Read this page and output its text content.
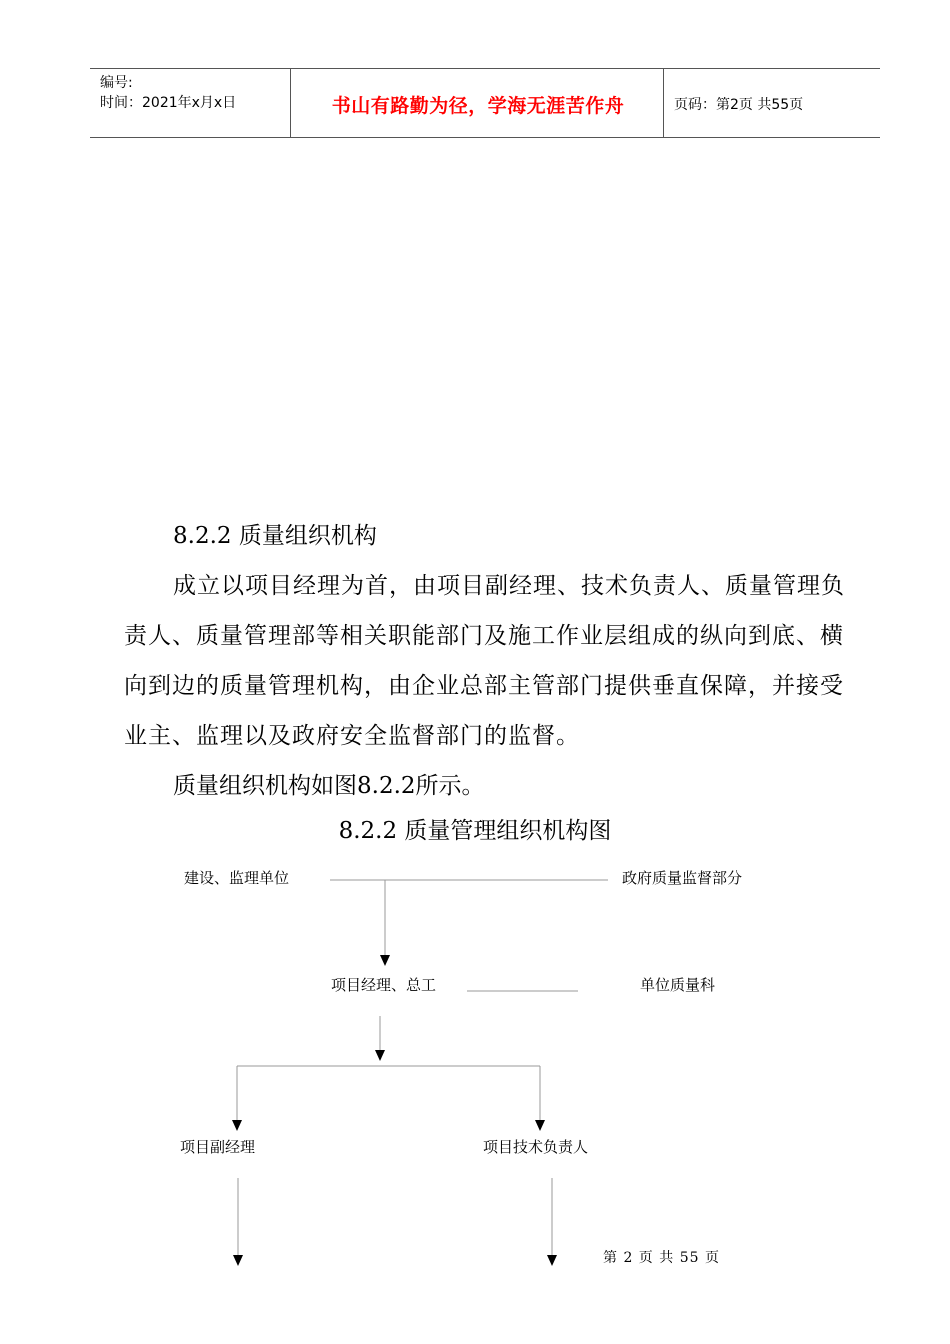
编号:
时间：2021年x月x日	书山有路勤为径，学海无涯苦作舟	页码：第2页 共55页
8.2.2 质量组织机构
成立以项目经理为首，由项目副经理、技术负责人、质量管理负责人、质量管理部等相关职能部门及施工作业层组成的纵向到底、横向到边的质量管理机构，由企业总部主管部门提供垂直保障，并接受业主、监理以及政府安全监督部门的监督。
质量组织机构如图8.2.2所示。
8.2.2 质量管理组织机构图
建设、监理单位	政府质量监督部分
项目经理、总工	单位质量科
项目副经理	项目技术负责人
第 2 页 共 55 页
